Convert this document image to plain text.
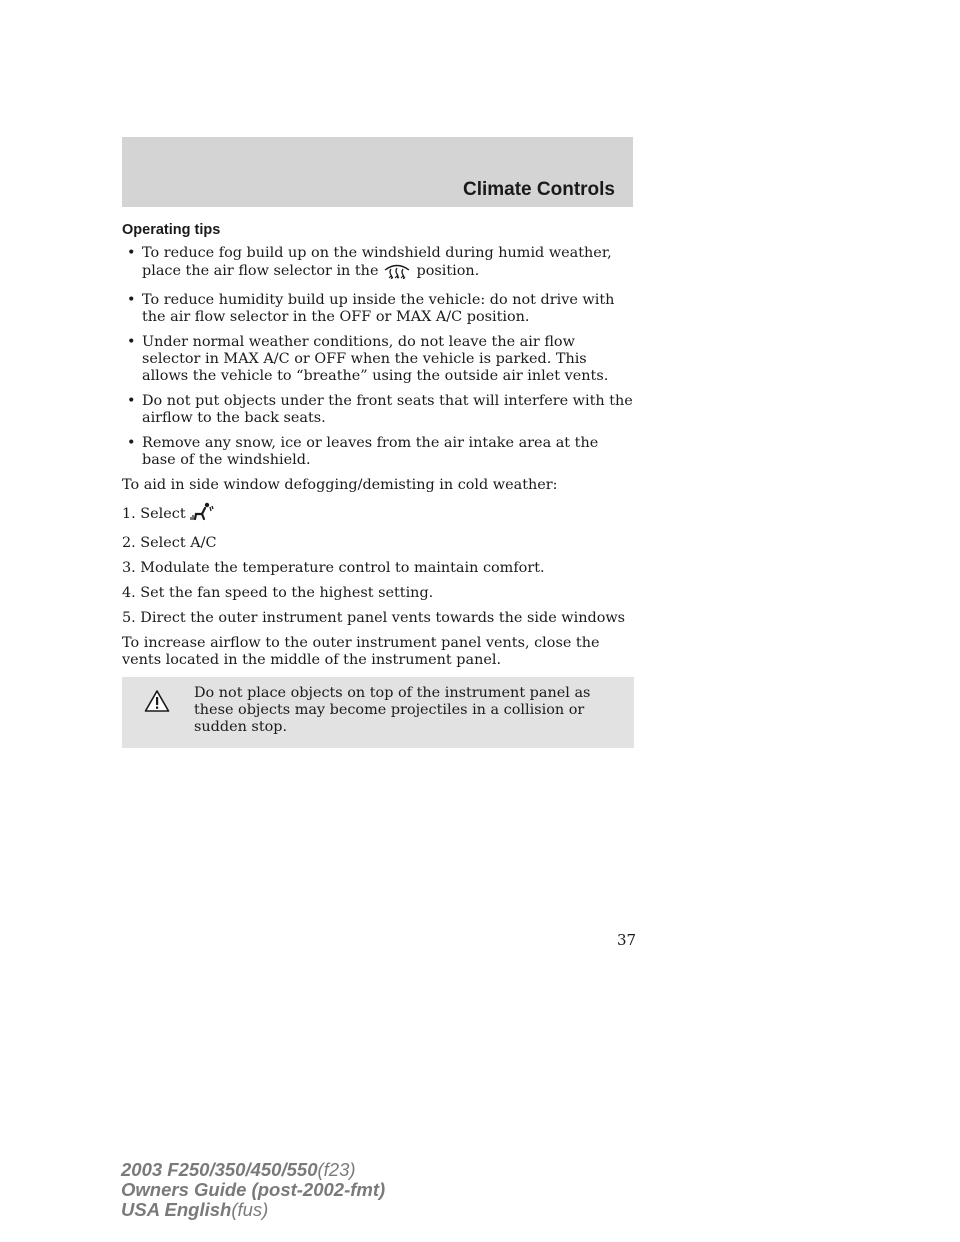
Climate Controls
Operating tips
• To reduce fog build up on the windshield during humid weather, place the air flow selector in the	position.
• To reduce humidity build up inside the vehicle: do not drive with the air flow selector in the OFF or MAX A/C position.
• Under normal weather conditions, do not leave the air flow selector in MAX A/C or OFF when the vehicle is parked. This allows the vehicle to “breathe” using the outside air inlet vents.
• Do not put objects under the front seats that will interfere with the airflow to the back seats.
• Remove any snow, ice or leaves from the air intake area at the base of the windshield.

To aid in side window defogging/demisting in cold weather:

1. Select

2. Select A/C

3. Modulate the temperature control to maintain comfort.

4. Set the fan speed to the highest setting.

5. Direct the outer instrument panel vents towards the side windows

To increase airflow to the outer instrument panel vents, close the vents located in the middle of the instrument panel.

Do not place objects on top of the instrument panel as these objects may become projectiles in a collision or sudden stop.
37
2003 F250/350/450/550(f23)
Owners Guide (post-2002-fmt)
USA English(fus)
